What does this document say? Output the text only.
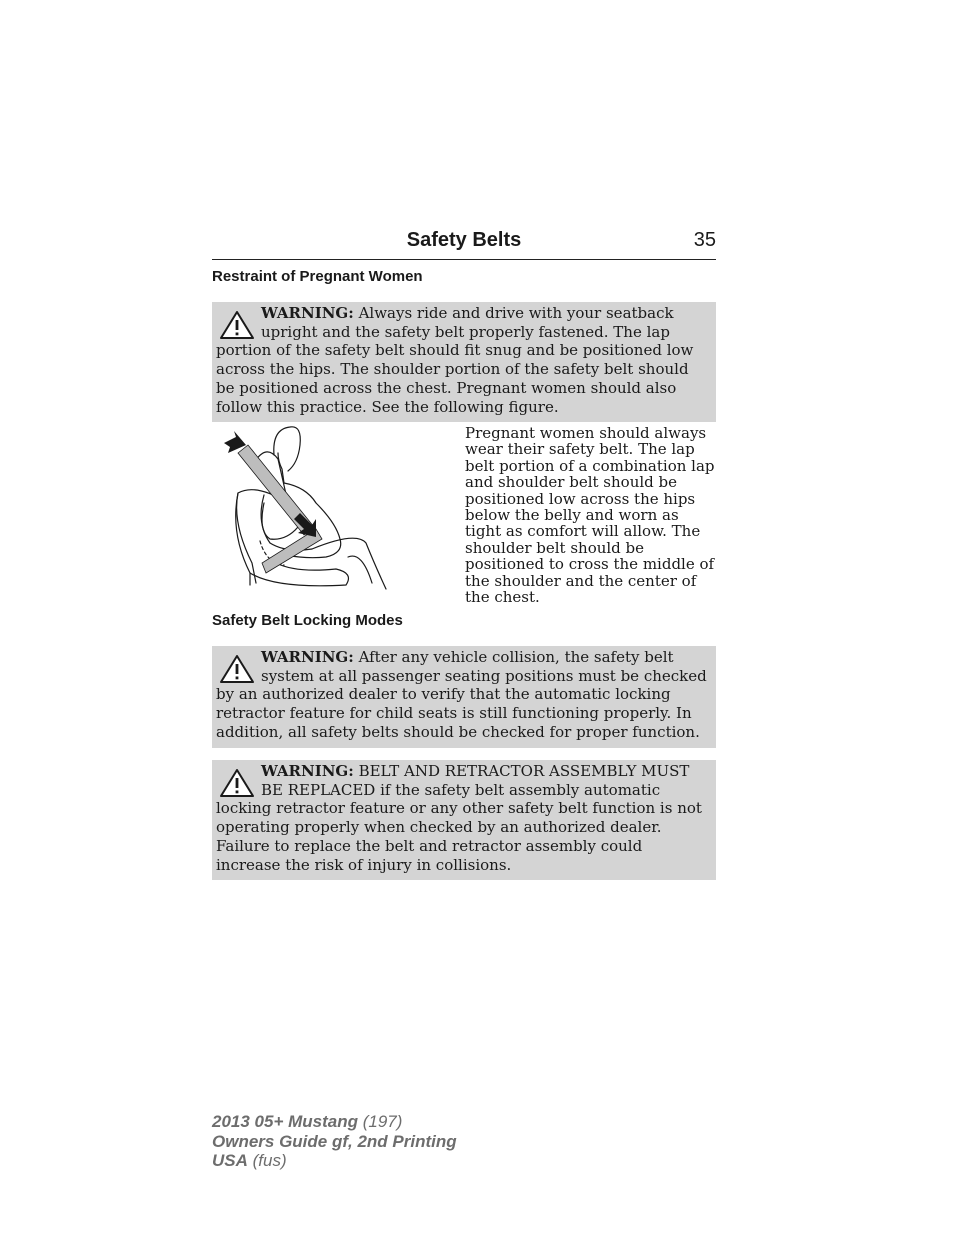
Safety Belts	35
Restraint of Pregnant Women
WARNING: Always ride and drive with your seatback upright and the safety belt properly fastened. The lap portion of the safety belt should fit snug and be positioned low across the hips. The shoulder portion of the safety belt should be positioned across the chest. Pregnant women should also follow this practice. See the following figure.
Pregnant women should always wear their safety belt. The lap belt portion of a combination lap and shoulder belt should be positioned low across the hips below the belly and worn as tight as comfort will allow. The shoulder belt should be positioned to cross the middle of the shoulder and the center of the chest.
Safety Belt Locking Modes
WARNING: After any vehicle collision, the safety belt system at all passenger seating positions must be checked by an authorized dealer to verify that the automatic locking retractor feature for child seats is still functioning properly. In addition, all safety belts should be checked for proper function.
WARNING: BELT AND RETRACTOR ASSEMBLY MUST BE REPLACED if the safety belt assembly automatic locking retractor feature or any other safety belt function is not operating properly when checked by an authorized dealer. Failure to replace the belt and retractor assembly could increase the risk of injury in collisions.
2013 05+ Mustang (197)
Owners Guide gf, 2nd Printing
USA (fus)
